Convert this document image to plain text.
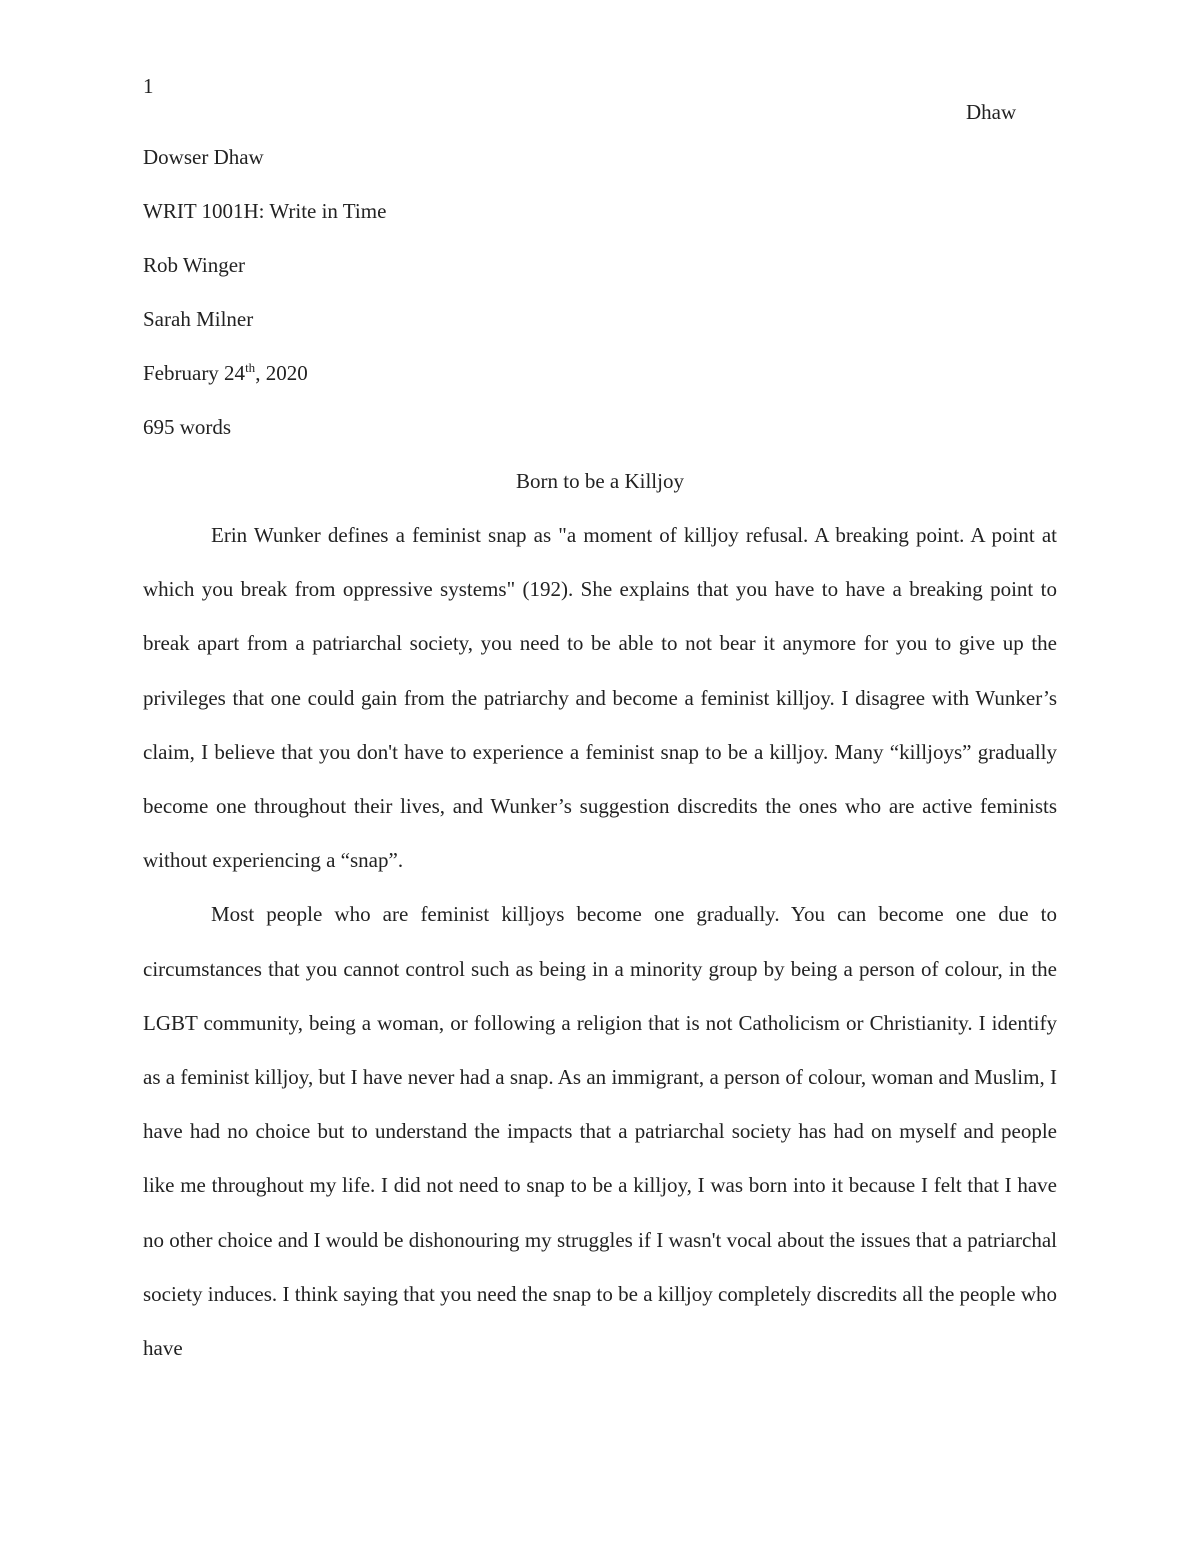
1
Dhaw
Dowser Dhaw
WRIT 1001H: Write in Time
Rob Winger
Sarah Milner
February 24th, 2020
695 words
Born to be a Killjoy

Erin Wunker defines a feminist snap as "a moment of killjoy refusal. A breaking point. A point at which you break from oppressive systems" (192). She explains that you have to have a breaking point to break apart from a patriarchal society, you need to be able to not bear it anymore for you to give up the privileges that one could gain from the patriarchy and become a feminist killjoy. I disagree with Wunker’s claim, I believe that you don't have to experience a feminist snap to be a killjoy. Many “killjoys” gradually become one throughout their lives, and Wunker’s suggestion discredits the ones who are active feminists without experiencing a “snap”.

Most people who are feminist killjoys become one gradually. You can become one due to circumstances that you cannot control such as being in a minority group by being a person of colour, in the LGBT community, being a woman, or following a religion that is not Catholicism or Christianity. I identify as a feminist killjoy, but I have never had a snap. As an immigrant, a person of colour, woman and Muslim, I have had no choice but to understand the impacts that a patriarchal society has had on myself and people like me throughout my life. I did not need to snap to be a killjoy, I was born into it because I felt that I have no other choice and I would be dishonouring my struggles if I wasn't vocal about the issues that a patriarchal society induces. I think saying that you need the snap to be a killjoy completely discredits all the people who have
